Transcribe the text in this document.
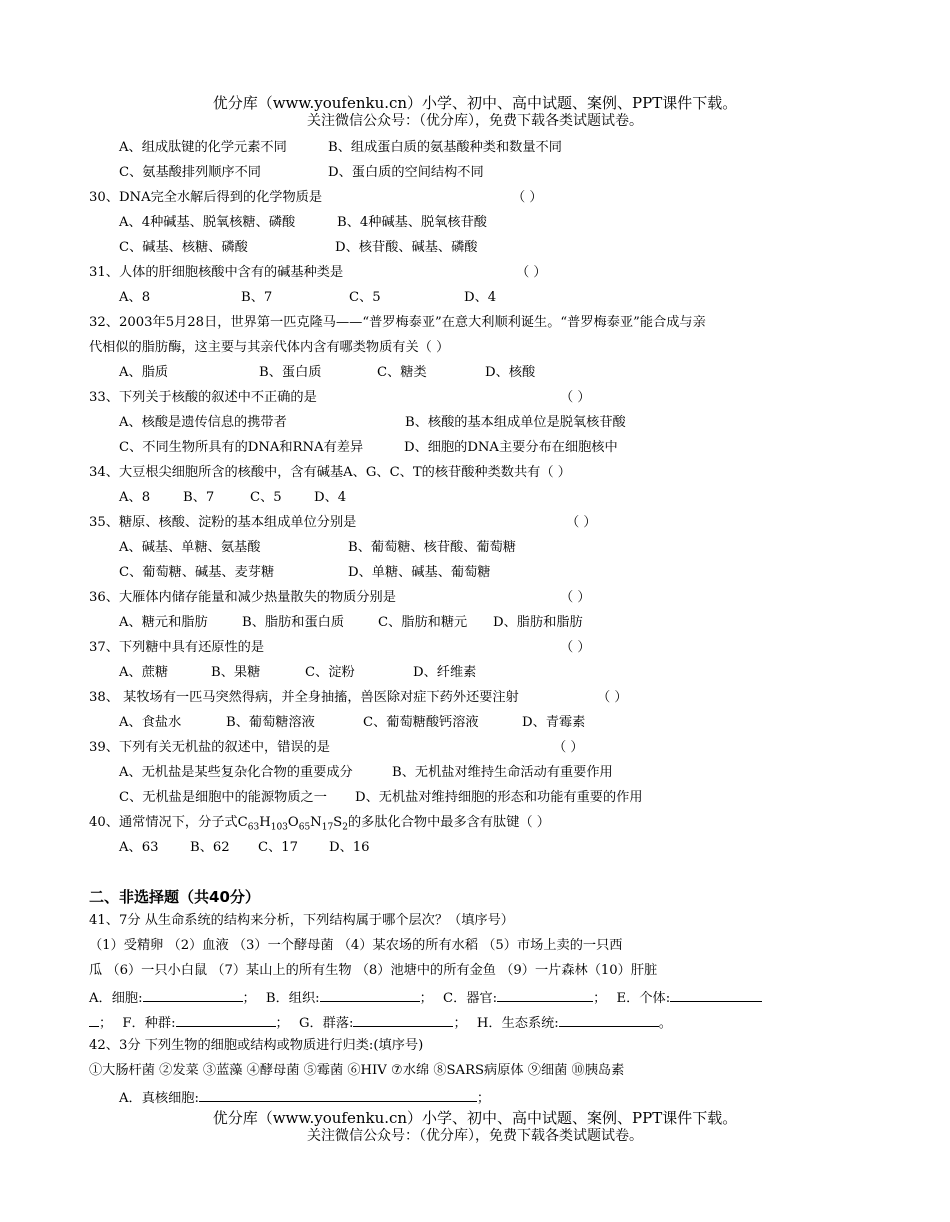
优分库（www.youfenku.cn）小学、初中、高中试题、案例、PPT课件下载。
关注微信公众号：（优分库），免费下载各类试题试卷。
A、组成肽键的化学元素不同	B、组成蛋白质的氨基酸种类和数量不同
C、氨基酸排列顺序不同	D、蛋白质的空间结构不同
30、DNA完全水解后得到的化学物质是	（ ）
A、4种碱基、脱氧核糖、磷酸	B、4种碱基、脱氧核苷酸
C、碱基、核糖、磷酸	D、核苷酸、碱基、磷酸
31、人体的肝细胞核酸中含有的碱基种类是	（ ）
A、8	B、7	C、5	D、4
32、2003年5月28日，世界第一匹克隆马——“普罗梅泰亚”在意大利顺利诞生。“普罗梅泰亚”能合成与亲
代相似的脂肪酶，这主要与其亲代体内含有哪类物质有关（ ）
A、脂质	B、蛋白质	C、糖类	D、核酸
33、下列关于核酸的叙述中不正确的是	（ ）
A、核酸是遗传信息的携带者	B、核酸的基本组成单位是脱氧核苷酸
C、不同生物所具有的DNA和RNA有差异	D、细胞的DNA主要分布在细胞核中
34、大豆根尖细胞所含的核酸中，含有碱基A、G、C、T的核苷酸种类数共有（ ）
A、8 B、7	C、5 D、4
35、糖原、核酸、淀粉的基本组成单位分别是	（ ）
A、碱基、单糖、氨基酸	B、葡萄糖、核苷酸、葡萄糖
C、葡萄糖、碱基、麦芽糖	D、单糖、碱基、葡萄糖
36、大雁体内储存能量和减少热量散失的物质分别是	（ ）
A、糖元和脂肪	B、脂肪和蛋白质	C、脂肪和糖元 D、脂肪和脂肪
37、下列糖中具有还原性的是	（ ）
A、蔗糖	B、果糖	C、淀粉	D、纤维素
38、 某牧场有一匹马突然得病，并全身抽搐，兽医除对症下药外还要注射	（ ）
A、食盐水	B、葡萄糖溶液	C、葡萄糖酸钙溶液	D、青霉素
39、下列有关无机盐的叙述中，错误的是	（ ）
A、无机盐是某些复杂化合物的重要成分	B、无机盐对维持生命活动有重要作用
C、无机盐是细胞中的能源物质之一 D、无机盐对维持细胞的形态和功能有重要的作用
40、通常情况下，分子式$C_{63}H_{103}O_{65}N_{17}S_2$的多肽化合物中最多含有肽键（ ）
A、63 B、62 C、17 D、16
二、非选择题（共40分）
41、7分 从生命系统的结构来分析，下列结构属于哪个层次？（填序号）
（1）受精卵 （2）血液 （3）一个酵母菌 （4）某农场的所有水稻 （5）市场上卖的一只西
瓜 （6）一只小白鼠 （7）某山上的所有生物 （8）池塘中的所有金鱼 （9）一片森林（10）肝脏
A．细胞:	； B．组织:	； C．器官:	； E．个体:
； F．种群:	； G．群落:	； H．生态系统:	。
42、3分 下列生物的细胞或结构或物质进行归类:(填序号)
①大肠杆菌 ②发菜 ③蓝藻 ④酵母菌 ⑤霉菌 ⑥HIV ⑦水绵 ⑧SARS病原体 ⑨细菌 ⑩胰岛素
A．真核细胞:	；
优分库（www.youfenku.cn）小学、初中、高中试题、案例、PPT课件下载。
关注微信公众号：（优分库），免费下载各类试题试卷。
